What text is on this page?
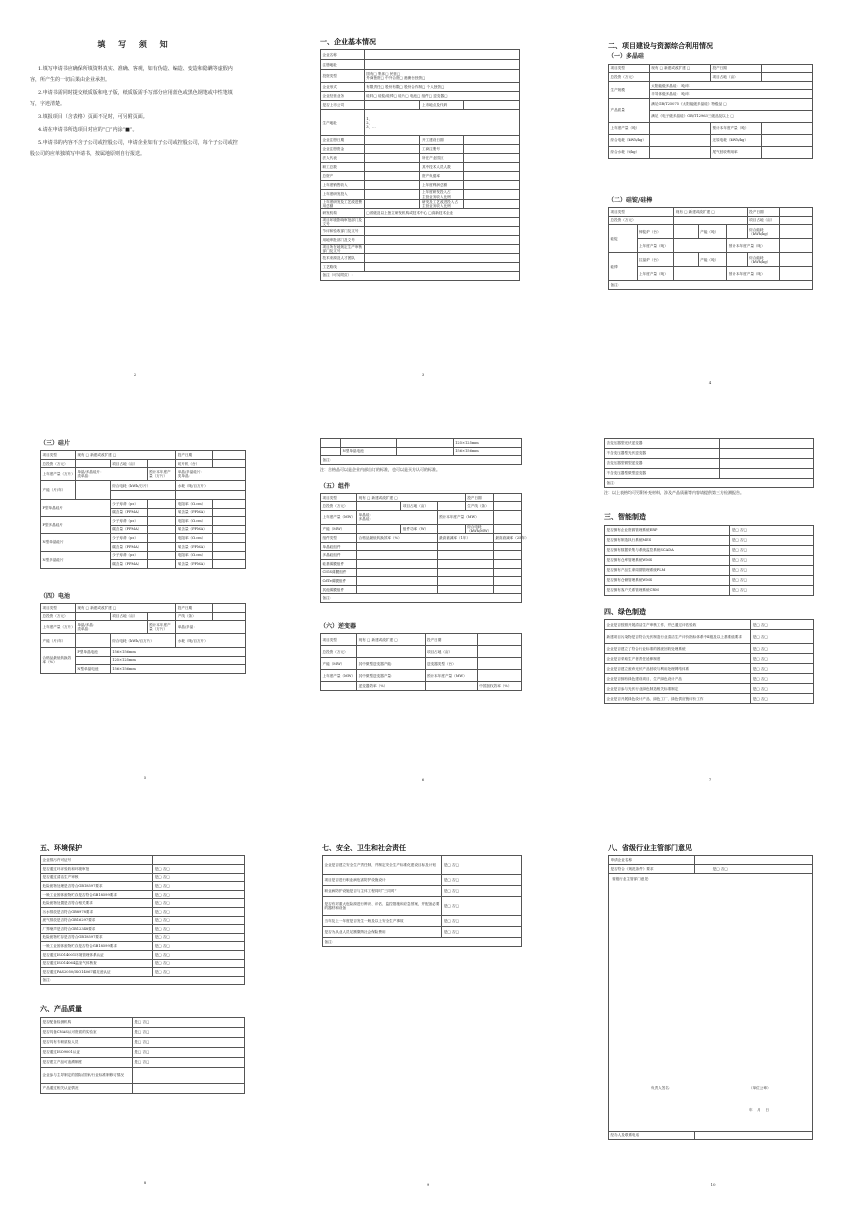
填 写 须 知

1.填写申请书应确保所填资料真实、准确、客观，如有伪造、编造、变造和隐瞒等虚假内容，所产生的一切后果由企业承担。

2.申请书需同时提交纸质版和电子版，纸质版需手写部分应用蓝色或黑色钢笔或中性笔填写，字迹清楚。

3.填报项目（含表格）页面不足时，可另附页面。

4.请在申请书所选项目对应的“□”内涂“■”。

5.申请书的内容不含子公司或控股公司，申请企业如有子公司或控股公司，每个子公司或控股公司的应单独填写申请书，按属地原则自行报送。

2
一、企业基本情况
企业名称			
注册地址			
投资类型	国有□ 集体□ 民营□
外商独资□ 中外合资□ 港澳台独资□		
企业形式	有限责任□ 股份有限□ 股份合作制□ 个人独资□		
企业经营业务	硅料□ 硅锭/硅棒□ 硅片□ 电池□ 组件□ 逆变器□		
是否上市公司		上市地点及代码	
生产地址	1、
2、
3、…		
企业注册日期		开工建设日期	
企业注册资金		工商注册号	
法人代表		所在产业园区	
职工总数		其中技术人员人数	
总资产		资产负债率	
上年度销售收入		上年度利润总额	
上年度研发投入		上年度研发投入占
主营业务收入比例	
上年度研发及工艺改进费用总额		研发及工艺改进投入占
主营业务收入比例	
研发机构	□省级及以上独立研发机构或技术中心 □高新技术企业		
项目环境影响审批部门及文号			
节评和验收部门及文号			
用地审批部门及文号			
项目所在地规定生产审核部门及文号			
技术来源及人才团队			
工艺路线			
备注（可另附页）：
3
二、项目建设与资源综合利用情况
（一）多晶硅
项目类型	现有 □ 新建或改扩建 □	投产日期	
总投资（万元）		项目占地（亩）	
生产规模	太阳能级多晶硅： 吨/年		
	半导体级多晶硅： 吨/年		
产品质量	满足GB/T25075《太阳能级多晶硅》特级品 □		
	满足《电子级多晶硅》GB/T12963三级品及以上 □		
上年度产量（吨）		预计本年度产量（吨）	
综合电耗（kWh/kg）		还原电耗（kWh/kg）	
综合水耗（t/kg）		尾气回收利用率	
（二）硅锭/硅棒
项目类型		现有 □ 新建或改扩建 □			投产日期	
总投资（万元）					项目占地（亩）	
硅锭	铸锭炉（台）		产能（吨）		综合能耗（kWh/kg）	
	上年度产量（吨）			预计本年度产量（吨）		
硅棒	拉晶炉（台）		产能（吨）		综合能耗（kWh/kg）	
	上年度产量（吨）			预计本年度产量（吨）		
备注：						
4
（三）硅片
项目类型	现有 □ 新建或改扩建 □			投产日期	
总投资（万元）		项目占地（亩）		切片机（台）	
上年度产量（万片）	单晶/多晶硅片：
类单晶：		预计本年度产量（万片）	单晶/多晶硅片：
类单晶：	
产能（片/年）		综合电耗（kWh/万片）		水耗（吨/百万片）	

P型单晶硅片		少子寿命（μs）		电阻率（Ω.cm）	
		碳含量（PPMA）		氧含量（PPMA）	
P型多晶硅片		少子寿命（μs）		电阻率（Ω.cm）	
		碳含量（PPMA）		氧含量（PPMA）	
N型单晶硅片		少子寿命（μs）		电阻率（Ω.cm）	
		碳含量（PPMA）		氧含量（PPMA）	
N型多晶硅片		少子寿命（μs）		电阻率（Ω.cm）	
		碳含量（PPMA）		氧含量（PPMA）	
（四）电池
项目类型	现有 □ 新建或改扩建 □			投产日期	
总投资（万元）		项目占地（亩）		产线（条）	
上年度产量（万片）	单晶/多晶：
类单晶：		预计本年度产量（万片）	单晶/多晶：	
产能（片/年）		综合电耗（kWh/百万片）		水耗（吨/百万片）	
合格品最低转换效率（%）	P型单晶电池	156×156mm			
		125×125mm			
	N型单晶电池	156×156mm			
5
			125×125mm
	N型单晶电池		156×156mm
备注：			
注：合格品可以是企业内部自订的标准，也可以是买方认可的标准。
（五）组件
项目类型	现有 □ 新建或改扩建 □			投产日期	
总投资（万元）		项目占地（亩）		生产线（条）	
上年度产量（MW）	单晶硅：
多晶硅：		预计本年度产量（MW）		
产能（MW）		组件功率（W）		综合电耗（kWh/MW）	
组件类型	合格品最低转换效率（%）		最高衰减率（1年）		最高衰减率（25年）
单晶硅组件					
多晶硅组件					
硅基薄膜组件					
CIGS薄膜组件					
CdTe薄膜组件					
其他薄膜组件					
备注：					
（六）逆变器
项目类型	现有 □ 新建或改扩建 □	投产日期	
总投资（万元）		项目占地（亩）	
产能（MW）	其中微型逆变器产能：	逆变器类型（台）	
上年度产量（MW）	其中微型逆变器产量：	预计本年度产量（MW）	
	逆变器效率（%）		中国加权效率（%）
6
含变压器型光伏逆变器	
不含变压器型光伏逆变器	
含变压器型微型逆变器	
不含变压器型微型逆变器	
备注：	
注：以上表格均可另附补充材料，涉及产品质量等内容请提供第三方检测报告。
三、智能制造
是否拥有企业资源管理系统ERP	是□ 否□
是否拥有制造执行系统MES	是□ 否□
是否拥有数据采集与系统监控系统SCADA	是□ 否□
是否拥有仓库管理系统WMS	是□ 否□
是否拥有产品生命周期管理系统PLM	是□ 否□
是否拥有仓储管理系统WMS	是□ 否□
是否拥有客户关系管理系统CRM	是□ 否□
四、绿色制造
企业是否按照开展清洁生产审核工作，并已通过评估验收	是□ 否□
新建项目污染物是否符合光伏制造行业清洁生产评价指标体系中Ⅱ级及以上基准值要求	是□ 否□
企业是否建立了符合行业标准的固废回收处理系统	是□ 否□
企业是否采取生产者责任延伸制度	是□ 否□
企业是否建立废弃光伏产品回收与利用处理网络体系	是□ 否□
企业是否拥有绿色建设项目，生产绿色设计产品	是□ 否□
企业是否参与光伏行业绿色制造相关标准制定	是□ 否□
企业是否开展绿色设计产品、绿色工厂、绿色供应链评价工作	是□ 否□
7
五、环境保护
企业排污许可证号	
是否通过环评验收和环境审批	是□ 否□
是否通过清洁生产审核	是□ 否□
危险废物处理是否符合GB18597要求	是□ 否□
一般工业固体废物贮存是否符合GB18599要求	是□ 否□
危险废物处置是否符合相关要求	是□ 否□
污水排放是否符合GB8978要求	是□ 否□
废气排放是否符合GB16297要求	是□ 否□
厂界噪声是否符合GB12348要求	是□ 否□
危险废物贮存是否符合GB18597要求	是□ 否□
一般工业固体废物贮存是否符合GB18599要求	是□ 否□
是否通过ISO14001环境管理体系认证	是□ 否□
是否通过ISO14064温室气体核查	是□ 否□
是否通过PAS2050/ISO14067碳足迹认证	是□ 否□
备注：	
六、产品质量
是否配备检测机构	是□ 否□
是否具备CNAS认可资质的实验室	是□ 否□
是否具有专职质检人员	是□ 否□
是否通过ISO9001认证	是□ 否□
是否建立产品可追溯制度	是□ 否□
企业参与主导制定的国际/国家/行业标准制修订情况	
产品通过相关认证情况	
8
七、安全、卫生和社会责任
企业是否建立安全生产责任制，并制定安全生产标准化建设目标及计划	是□ 否□
项目是否进行职业病危害防护设施设计	是□ 否□
职业病防护设施是否与主体工程同时“三同时”	是□ 否□
是否有对重大危险源进行辨识、评估、监控措施和应急预案，并配备必要的器材和设备	是□ 否□
当年及上一年度是否发生一般及以上安全生产事故	是□ 否□
是否为从业人员足额缴纳社会保险费用	是□ 否□
备注：	
9
八、省级行业主管部门意见
申请企业名称	
是否符合《规范条件》要求	是□ 否□

省级行业主管部门意见：
负责人签名： （单位公章）
年    月    日	

经办人及联系电话	
10
